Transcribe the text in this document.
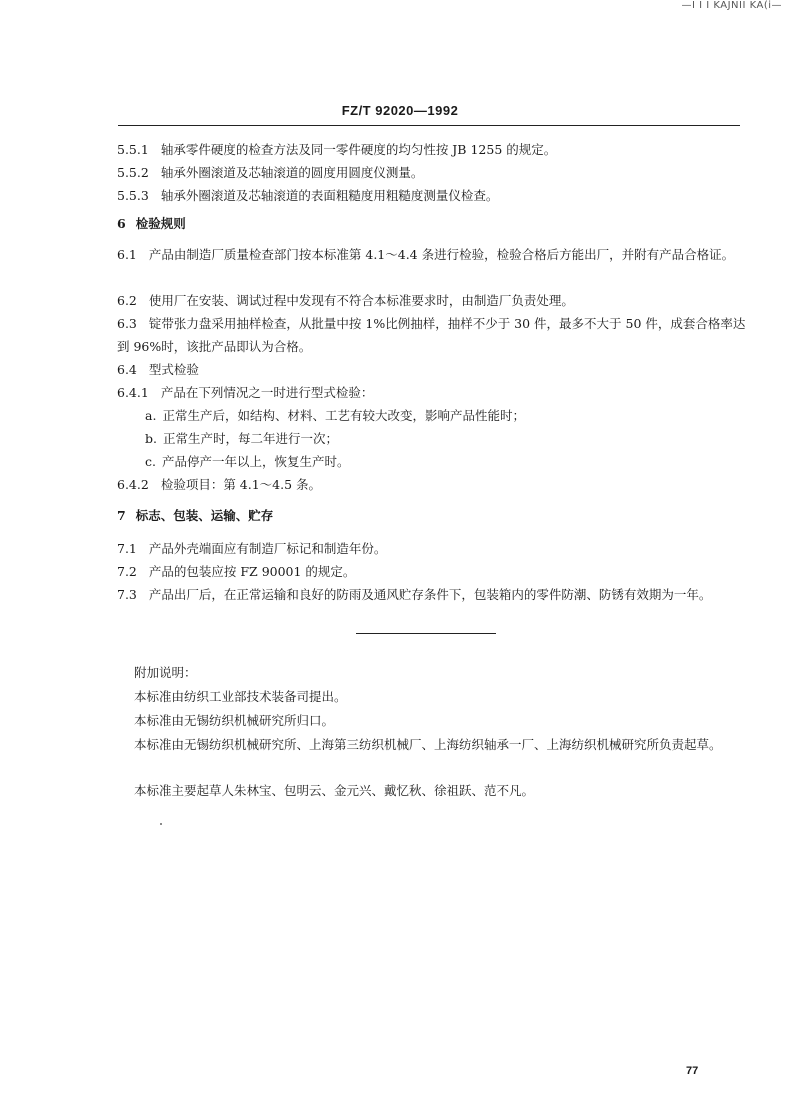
—I I I KAJNII KA(i—
FZ/T 92020—1992

5.5.1 轴承零件硬度的检查方法及同一零件硬度的均匀性按 JB 1255 的规定。

5.5.2 轴承外圈滚道及芯轴滚道的圆度用圆度仪测量。

5.5.3 轴承外圈滚道及芯轴滚道的表面粗糙度用粗糙度测量仪检查。

6 检验规则

6.1 产品由制造厂质量检查部门按本标准第 4.1～4.4 条进行检验，检验合格后方能出厂，并附有产品合格证。

6.2 使用厂在安装、调试过程中发现有不符合本标准要求时，由制造厂负责处理。

6.3 锭带张力盘采用抽样检查，从批量中按 1%比例抽样，抽样不少于 30 件，最多不大于 50 件，成套合格率达到 96%时，该批产品即认为合格。

6.4 型式检验

6.4.1 产品在下列情况之一时进行型式检验：

a. 正常生产后，如结构、材料、工艺有较大改变，影响产品性能时；

b. 正常生产时，每二年进行一次；

c. 产品停产一年以上，恢复生产时。

6.4.2 检验项目：第 4.1～4.5 条。

7 标志、包装、运输、贮存

7.1 产品外壳端面应有制造厂标记和制造年份。

7.2 产品的包装应按 FZ 90001 的规定。

7.3 产品出厂后，在正常运输和良好的防雨及通风贮存条件下，包装箱内的零件防潮、防锈有效期为一年。

附加说明：

本标准由纺织工业部技术装备司提出。

本标准由无锡纺织机械研究所归口。

本标准由无锡纺织机械研究所、上海第三纺织机械厂、上海纺织轴承一厂、上海纺织机械研究所负责起草。

本标准主要起草人朱林宝、包明云、金元兴、戴忆秋、徐祖跃、范不凡。

77
